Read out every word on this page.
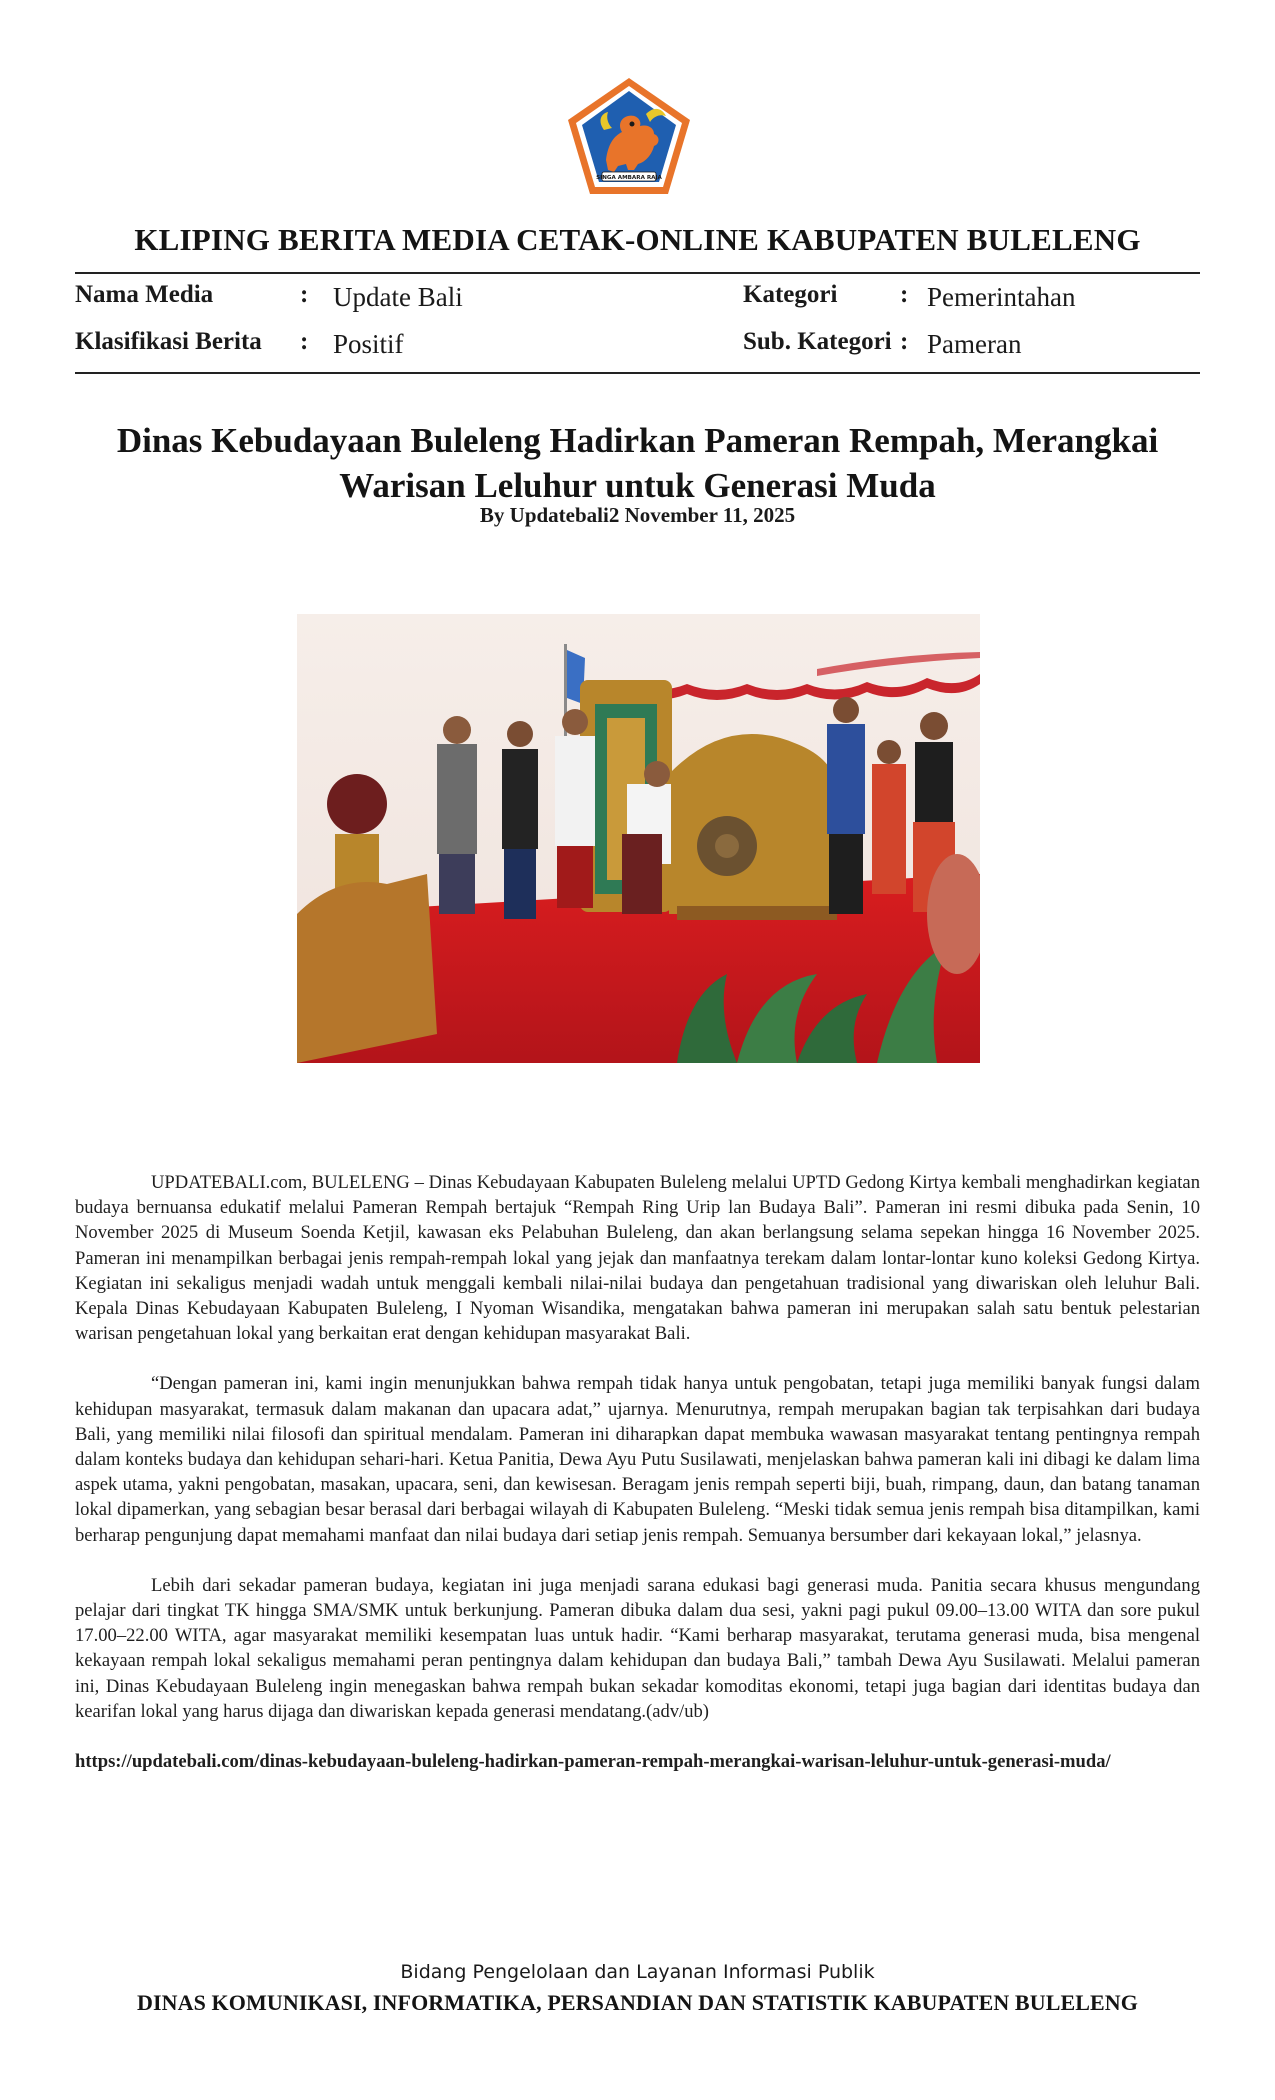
SINGA AMBARA RAJA
KLIPING BERITA MEDIA CETAK-ONLINE KABUPATEN BULELENG
Nama Media	: Update Bali
Klasifikasi Berita : Positif
Kategori	: Pemerintahan
Sub. Kategori : Pameran
Dinas Kebudayaan Buleleng Hadirkan Pameran Rempah, Merangkai Warisan Leluhur untuk Generasi Muda
By Updatebali2 November 11, 2025

UPDATEBALI.com, BULELENG – Dinas Kebudayaan Kabupaten Buleleng melalui UPTD Gedong Kirtya kembali menghadirkan kegiatan budaya bernuansa edukatif melalui Pameran Rempah bertajuk “Rempah Ring Urip lan Budaya Bali”. Pameran ini resmi dibuka pada Senin, 10 November 2025 di Museum Soenda Ketjil, kawasan eks Pelabuhan Buleleng, dan akan berlangsung selama sepekan hingga 16 November 2025. Pameran ini menampilkan berbagai jenis rempah-rempah lokal yang jejak dan manfaatnya terekam dalam lontar-lontar kuno koleksi Gedong Kirtya. Kegiatan ini sekaligus menjadi wadah untuk menggali kembali nilai-nilai budaya dan pengetahuan tradisional yang diwariskan oleh leluhur Bali. Kepala Dinas Kebudayaan Kabupaten Buleleng, I Nyoman Wisandika, mengatakan bahwa pameran ini merupakan salah satu bentuk pelestarian warisan pengetahuan lokal yang berkaitan erat dengan kehidupan masyarakat Bali.

“Dengan pameran ini, kami ingin menunjukkan bahwa rempah tidak hanya untuk pengobatan, tetapi juga memiliki banyak fungsi dalam kehidupan masyarakat, termasuk dalam makanan dan upacara adat,” ujarnya. Menurutnya, rempah merupakan bagian tak terpisahkan dari budaya Bali, yang memiliki nilai filosofi dan spiritual mendalam. Pameran ini diharapkan dapat membuka wawasan masyarakat tentang pentingnya rempah dalam konteks budaya dan kehidupan sehari-hari. Ketua Panitia, Dewa Ayu Putu Susilawati, menjelaskan bahwa pameran kali ini dibagi ke dalam lima aspek utama, yakni pengobatan, masakan, upacara, seni, dan kewisesan. Beragam jenis rempah seperti biji, buah, rimpang, daun, dan batang tanaman lokal dipamerkan, yang sebagian besar berasal dari berbagai wilayah di Kabupaten Buleleng. “Meski tidak semua jenis rempah bisa ditampilkan, kami berharap pengunjung dapat memahami manfaat dan nilai budaya dari setiap jenis rempah. Semuanya bersumber dari kekayaan lokal,” jelasnya.

Lebih dari sekadar pameran budaya, kegiatan ini juga menjadi sarana edukasi bagi generasi muda. Panitia secara khusus mengundang pelajar dari tingkat TK hingga SMA/SMK untuk berkunjung. Pameran dibuka dalam dua sesi, yakni pagi pukul 09.00–13.00 WITA dan sore pukul 17.00–22.00 WITA, agar masyarakat memiliki kesempatan luas untuk hadir. “Kami berharap masyarakat, terutama generasi muda, bisa mengenal kekayaan rempah lokal sekaligus memahami peran pentingnya dalam kehidupan dan budaya Bali,” tambah Dewa Ayu Susilawati. Melalui pameran ini, Dinas Kebudayaan Buleleng ingin menegaskan bahwa rempah bukan sekadar komoditas ekonomi, tetapi juga bagian dari identitas budaya dan kearifan lokal yang harus dijaga dan diwariskan kepada generasi mendatang.(adv/ub)

https://updatebali.com/dinas-kebudayaan-buleleng-hadirkan-pameran-rempah-merangkai-warisan-leluhur-untuk-generasi-muda/

Bidang Pengelolaan dan Layanan Informasi Publik
DINAS KOMUNIKASI, INFORMATIKA, PERSANDIAN DAN STATISTIK KABUPATEN BULELENG
